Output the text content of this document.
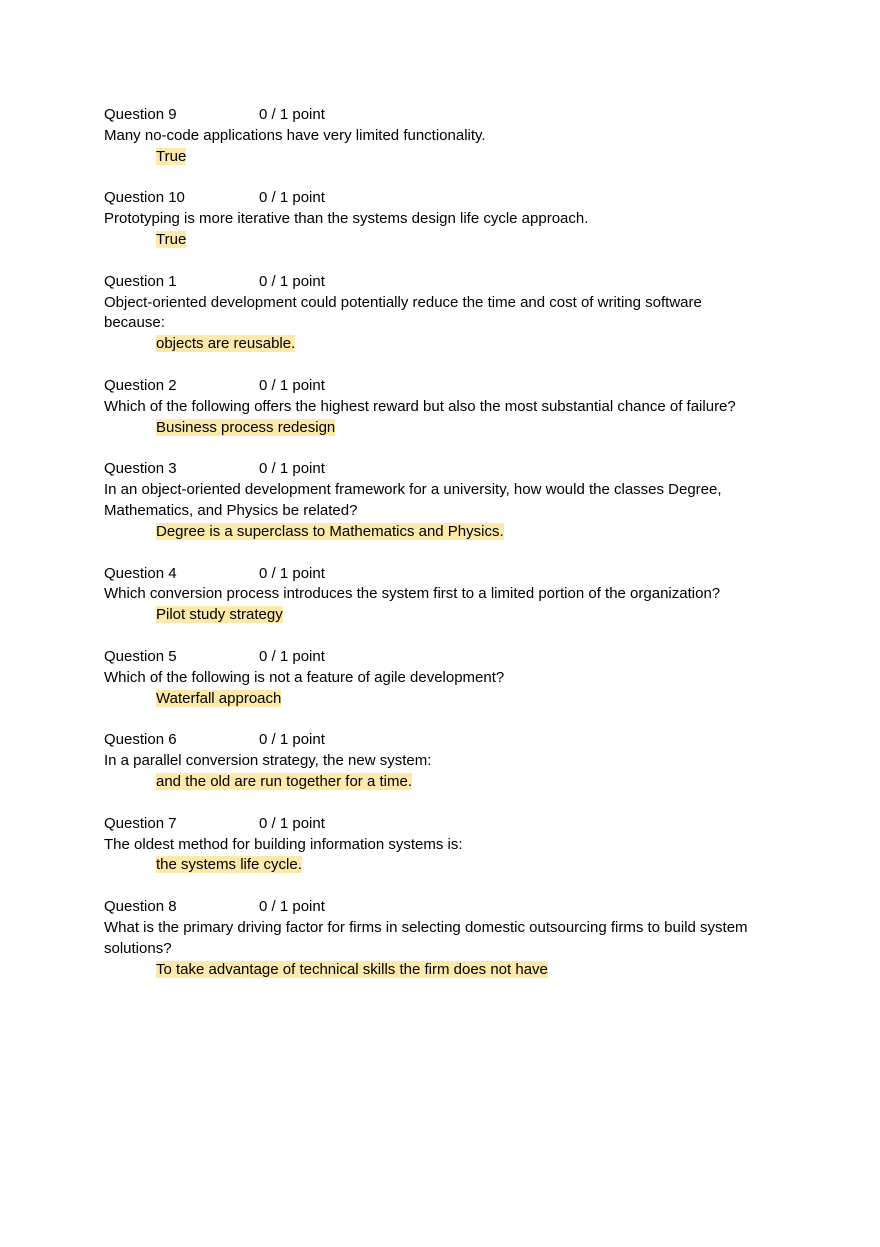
Question 9	0 / 1 point

Many no-code applications have very limited functionality.

True

Question 10	0 / 1 point

Prototyping is more iterative than the systems design life cycle approach.

True

Question 1	0 / 1 point

Object-oriented development could potentially reduce the time and cost of writing software because:

objects are reusable.

Question 2	0 / 1 point

Which of the following offers the highest reward but also the most substantial chance of failure?

Business process redesign

Question 3	0 / 1 point

In an object-oriented development framework for a university, how would the classes Degree, Mathematics, and Physics be related?

Degree is a superclass to Mathematics and Physics.

Question 4	0 / 1 point

Which conversion process introduces the system first to a limited portion of the organization?

Pilot study strategy

Question 5	0 / 1 point

Which of the following is not a feature of agile development?

Waterfall approach

Question 6	0 / 1 point

In a parallel conversion strategy, the new system:

and the old are run together for a time.

Question 7	0 / 1 point

The oldest method for building information systems is:

the systems life cycle.

Question 8	0 / 1 point

What is the primary driving factor for firms in selecting domestic outsourcing firms to build system solutions?

To take advantage of technical skills the firm does not have
